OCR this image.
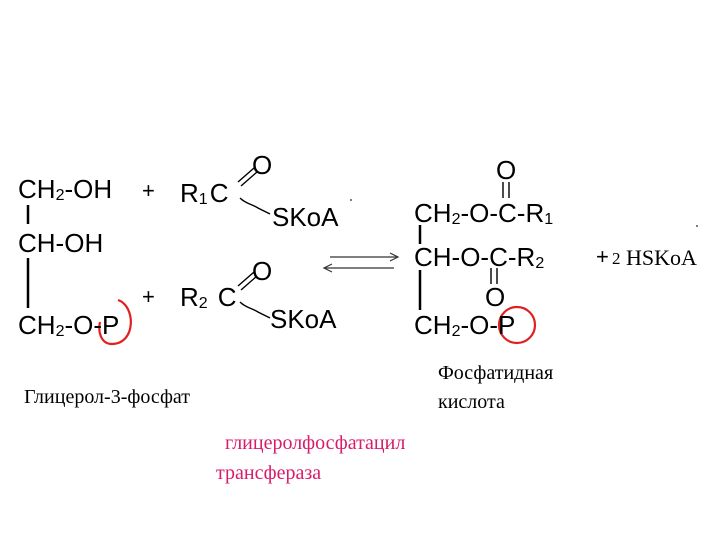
CH2-OH
CH-OH
CH2-O-P
+ R1C
O
SKoA
+ R2 C
O
SKoA
O
CH2-O-C-R1
CH-O-C-R2
O
CH2-O-P
+ 2 HSKoA
Глицерол-3-фосфат
Фосфатидная
кислота
глицеролфосфатацил
трансфераза
